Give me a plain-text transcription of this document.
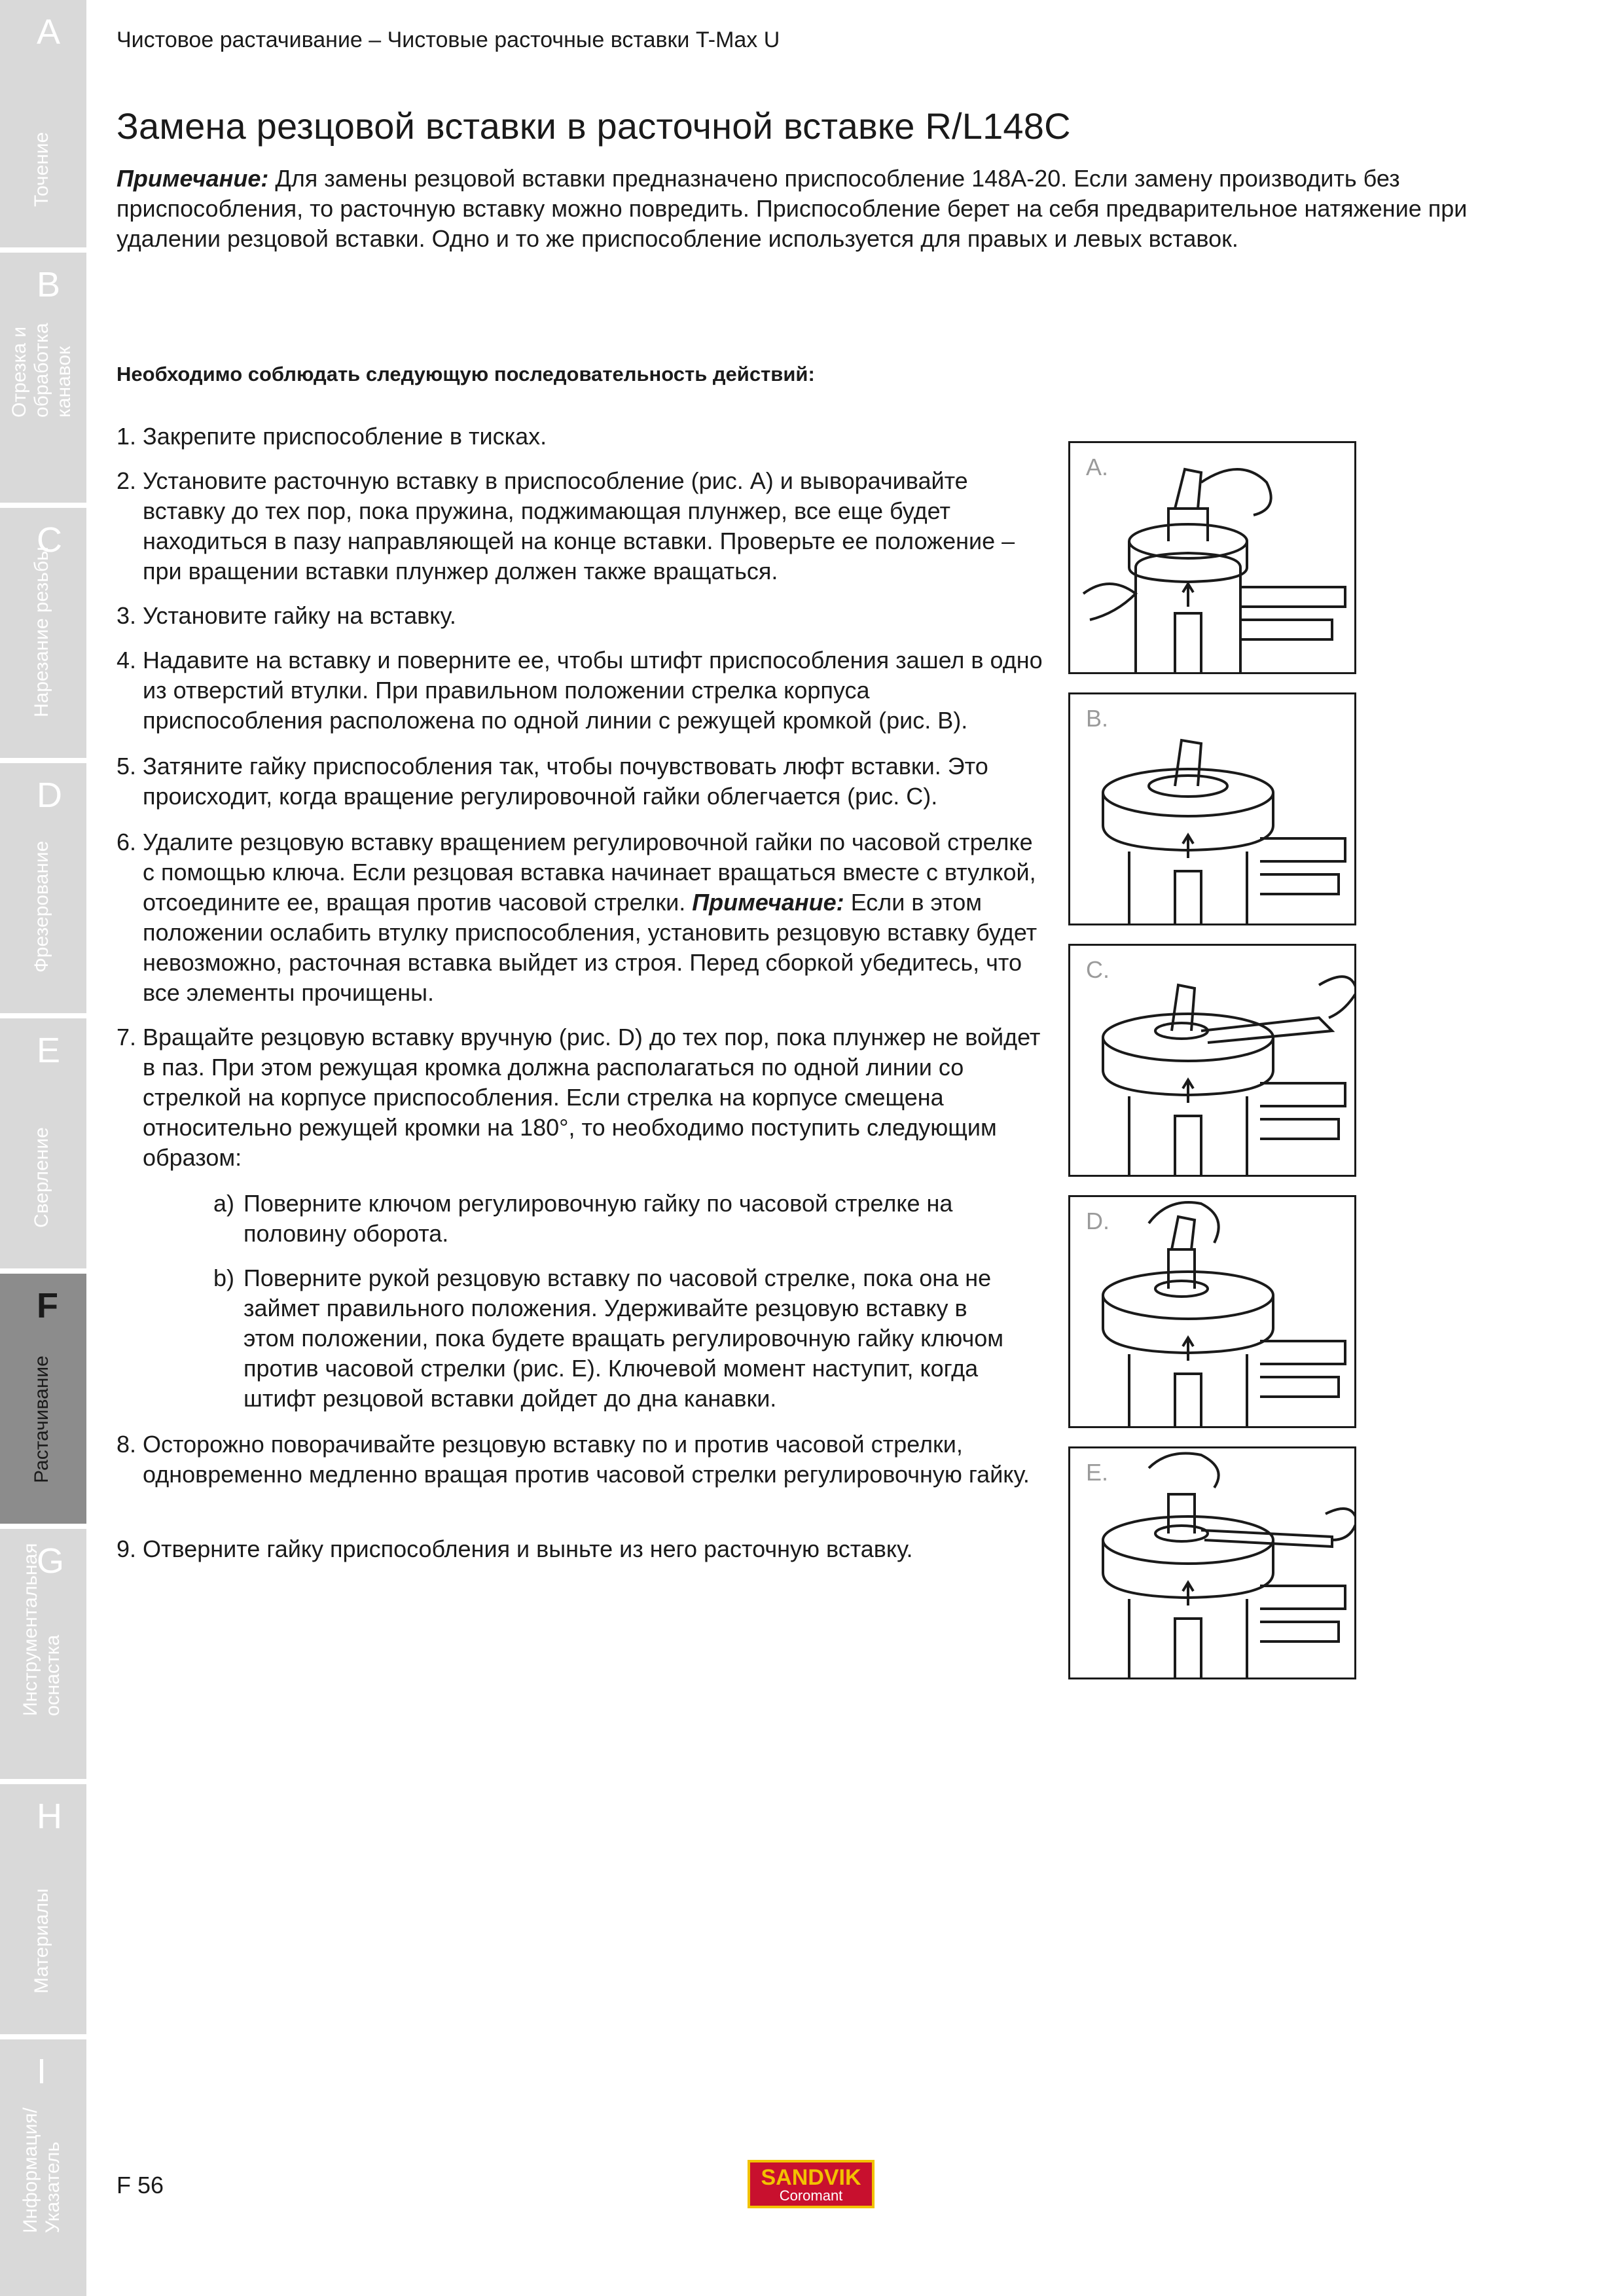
A
Точение
B
Отрезка и обработка канавок
C
Нарезание резьбы
D
Фрезерование
E
Сверление
F
Растачивание
G
Инструментальная оснастка
H
Материалы
I
Информация/ Указатель
Чистовое растачивание – Чистовые расточные вставки T-Max U
Замена резцовой вставки в расточной вставке R/L148C
Примечание: Для замены резцовой вставки предназначено приспособление 148A-20. Если замену производить без приспособления, то расточную вставку можно повредить. Приспособление берет на себя предварительное натяжение при удалении резцовой вставки. Одно и то же приспособление используется для правых и левых вставок.
Необходимо соблюдать следующую последовательность действий:
1. Закрепите приспособление в тисках.
2. Установите расточную вставку в приспособление (рис. A) и выворачивайте вставку до тех пор, пока пружина, поджимающая плунжер, все еще будет находиться в пазу направляющей на конце вставки. Проверьте ее положение – при вращении вставки плунжер должен также вращаться.
3. Установите гайку на вставку.
4. Надавите на вставку и поверните ее, чтобы штифт приспособления зашел в одно из отверстий втулки. При правильном положении стрелка корпуса приспособления расположена по одной линии с режущей кромкой (рис. B).
5. Затяните гайку приспособления так, чтобы почувствовать люфт вставки. Это происходит, когда вращение регулировочной гайки облегчается (рис. C).
6. Удалите резцовую вставку вращением регулировочной гайки по часовой стрелке с помощью ключа. Если резцовая вставка начинает вращаться вместе с втулкой, отсоедините ее, вращая против часовой стрелки. Примечание: Если в этом положении ослабить втулку приспособления, установить резцовую вставку будет невозможно, расточная вставка выйдет из строя. Перед сборкой убедитесь, что все элементы прочищены.
7. Вращайте резцовую вставку вручную (рис. D) до тех пор, пока плунжер не войдет в паз. При этом режущая кромка должна располагаться по одной линии со стрелкой на корпусе приспособления. Если стрелка на корпусе смещена относительно режущей кромки на 180°, то необходимо поступить следующим образом:
a) Поверните ключом регулировочную гайку по часовой стрелке на половину оборота.
b) Поверните рукой резцовую вставку по часовой стрелке, пока она не займет правильного положения. Удерживайте резцовую вставку в этом положении, пока будете вращать регулировочную гайку ключом против часовой стрелки (рис. E). Ключевой момент наступит, когда штифт резцовой вставки дойдет до дна канавки.
8. Осторожно поворачивайте резцовую вставку по и против часовой стрелки, одновременно медленно вращая против часовой стрелки регулировочную гайку.
9. Отверните гайку приспособления и выньте из него расточную вставку.
A.
B.
C.
D.
E.
F 56	SANDVIK
Coromant
